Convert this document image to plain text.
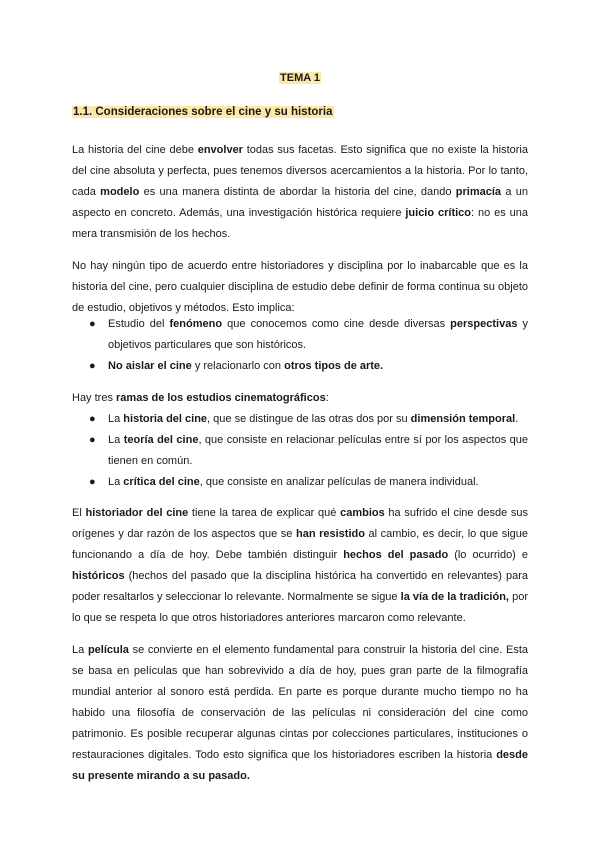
TEMA 1
1.1. Consideraciones sobre el cine y su historia

La historia del cine debe envolver todas sus facetas. Esto significa que no existe la historia del cine absoluta y perfecta, pues tenemos diversos acercamientos a la historia. Por lo tanto, cada modelo es una manera distinta de abordar la historia del cine, dando primacía a un aspecto en concreto. Además, una investigación histórica requiere juicio crítico: no es una mera transmisión de los hechos.

No hay ningún tipo de acuerdo entre historiadores y disciplina por lo inabarcable que es la historia del cine, pero cualquier disciplina de estudio debe definir de forma continua su objeto de estudio, objetivos y métodos. Esto implica:

● Estudio del fenómeno que conocemos como cine desde diversas perspectivas y objetivos particulares que son históricos.
● No aislar el cine y relacionarlo con otros tipos de arte.

Hay tres ramas de los estudios cinematográficos:

● La historia del cine, que se distingue de las otras dos por su dimensión temporal.
● La teoría del cine, que consiste en relacionar películas entre sí por los aspectos que tienen en común.
● La crítica del cine, que consiste en analizar películas de manera individual.

El historiador del cine tiene la tarea de explicar qué cambios ha sufrido el cine desde sus orígenes y dar razón de los aspectos que se han resistido al cambio, es decir, lo que sigue funcionando a día de hoy. Debe también distinguir hechos del pasado (lo ocurrido) e históricos (hechos del pasado que la disciplina histórica ha convertido en relevantes) para poder resaltarlos y seleccionar lo relevante. Normalmente se sigue la vía de la tradición, por lo que se respeta lo que otros historiadores anteriores marcaron como relevante.

La película se convierte en el elemento fundamental para construir la historia del cine. Esta se basa en películas que han sobrevivido a día de hoy, pues gran parte de la filmografía mundial anterior al sonoro está perdida. En parte es porque durante mucho tiempo no ha habido una filosofía de conservación de las películas ni consideración del cine como patrimonio. Es posible recuperar algunas cintas por colecciones particulares, instituciones o restauraciones digitales. Todo esto significa que los historiadores escriben la historia desde su presente mirando a su pasado.
